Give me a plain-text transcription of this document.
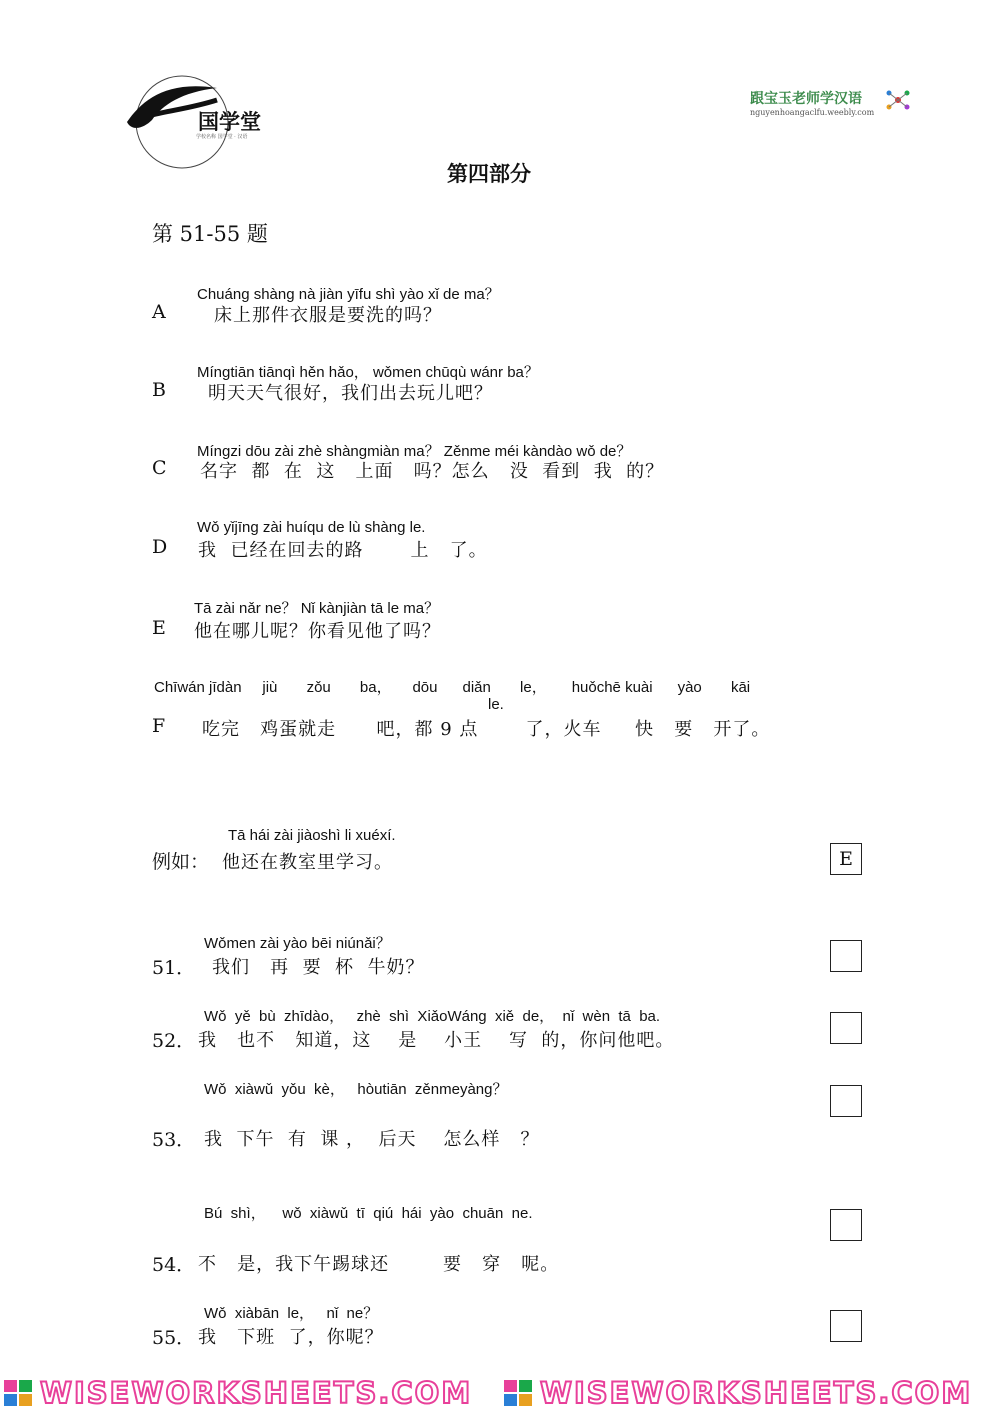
国学堂
学校名称 国学堂 · 汉语
跟宝玉老师学汉语
nguyenhoangaclfu.weebly.com
第四部分
第 51-55 题
Chuáng shàng nà jiàn yīfu shì yào xǐ de ma？
A	床上那件衣服是要洗的吗？
Míngtiān tiānqì hěn hǎo， wǒmen chūqù wánr ba？
B 明天天气很好，我们出去玩儿吧？
Míngzi dōu zài zhè shàngmiàn ma？ Zěnme méi kàndào wǒ de？
C 名字  都  在  这   上面   吗？怎么   没  看到  我  的？
Wǒ yǐjīng zài huíqu de lù shàng le.
D 我  已经在回去的路       上   了。
Tā zài nǎr ne？ Nǐ kànjiàn tā le ma？
E 他在哪儿呢？你看见他了吗？
Chīwán jīdàn     jiù       zǒu       ba，     dōu      diǎn       le，      huǒchē kuài      yào       kāi
le.
F 吃完   鸡蛋就走      吧，都 9 点       了，火车     快   要   开了。
Tā hái zài jiàoshì li xuéxí.
例如： 他还在教室里学习。	E
Wǒmen zài yào bēi niúnǎi？
51． 我们   再  要  杯  牛奶？
Wǒ  yě  bù  zhīdào，   zhè  shì  XiǎoWáng  xiě  de，  nǐ  wèn  tā  ba.
52． 我   也不   知道，这    是    小王    写  的，你问他吧。
Wǒ  xiàwǔ  yǒu  kè，   hòutiān  zěnmeyàng？
53． 我  下午  有  课 ，  后天    怎么样   ？
Bú  shì，    wǒ  xiàwǔ  tī  qiú  hái  yào  chuān  ne.
54． 不   是，我下午踢球还        要   穿   呢。
Wǒ  xiàbān  le，   nǐ  ne？
55． 我   下班  了，你呢？
WISEWORKSHEETS.COM WISEWORKSHEETS.COM
